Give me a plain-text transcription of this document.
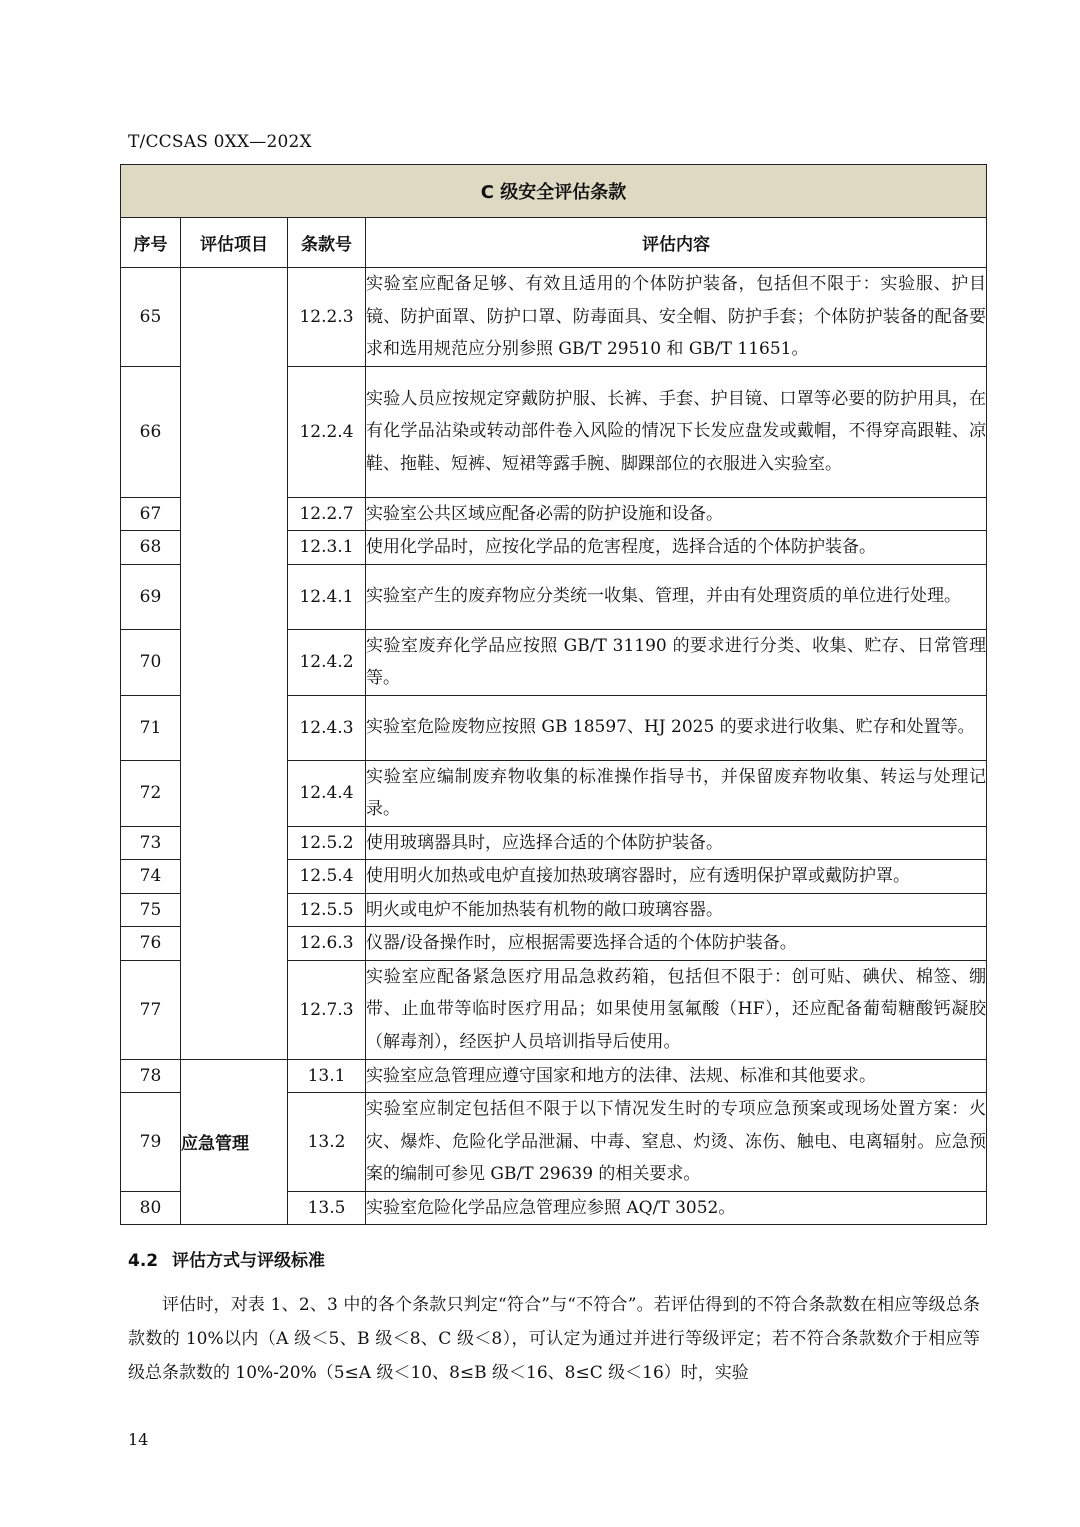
T/CCSAS 0XX—202X
C 级安全评估条款			
序号	评估项目	条款号	评估内容
65		12.2.3	实验室应配备足够、有效且适用的个体防护装备，包括但不限于：实验服、护目镜、防护面罩、防护口罩、防毒面具、安全帽、防护手套；个体防护装备的配备要求和选用规范应分别参照 GB/T 29510 和 GB/T 11651。
66		12.2.4	实验人员应按规定穿戴防护服、长裤、手套、护目镜、口罩等必要的防护用具，在有化学品沾染或转动部件卷入风险的情况下长发应盘发或戴帽，不得穿高跟鞋、凉鞋、拖鞋、短裤、短裙等露手腕、脚踝部位的衣服进入实验室。
67		12.2.7	实验室公共区域应配备必需的防护设施和设备。
68		12.3.1	使用化学品时，应按化学品的危害程度，选择合适的个体防护装备。
69		12.4.1	实验室产生的废弃物应分类统一收集、管理，并由有处理资质的单位进行处理。
70		12.4.2	实验室废弃化学品应按照 GB/T 31190 的要求进行分类、收集、贮存、日常管理等。
71		12.4.3	实验室危险废物应按照 GB 18597、HJ 2025 的要求进行收集、贮存和处置等。
72		12.4.4	实验室应编制废弃物收集的标准操作指导书，并保留废弃物收集、转运与处理记录。
73		12.5.2	使用玻璃器具时，应选择合适的个体防护装备。
74		12.5.4	使用明火加热或电炉直接加热玻璃容器时，应有透明保护罩或戴防护罩。
75		12.5.5	明火或电炉不能加热装有机物的敞口玻璃容器。
76		12.6.3	仪器/设备操作时，应根据需要选择合适的个体防护装备。
77		12.7.3	实验室应配备紧急医疗用品急救药箱，包括但不限于：创可贴、碘伏、棉签、绷带、止血带等临时医疗用品；如果使用氢氟酸（HF），还应配备葡萄糖酸钙凝胶（解毒剂），经医护人员培训指导后使用。
78	应急管理	13.1	实验室应急管理应遵守国家和地方的法律、法规、标准和其他要求。
79		13.2	实验室应制定包括但不限于以下情况发生时的专项应急预案或现场处置方案：火灾、爆炸、危险化学品泄漏、中毒、窒息、灼烫、冻伤、触电、电离辐射。应急预案的编制可参见 GB/T 29639 的相关要求。
80		13.5	实验室危险化学品应急管理应参照 AQ/T 3052。
4.2 评估方式与评级标准
评估时，对表 1、2、3 中的各个条款只判定“符合”与“不符合”。若评估得到的不符合条款数在相应等级总条款数的 10%以内（A 级＜5、B 级＜8、C 级＜8），可认定为通过并进行等级评定；若不符合条款数介于相应等级总条款数的 10%-20%（5≤A 级＜10、8≤B 级＜16、8≤C 级＜16）时，实验
14
